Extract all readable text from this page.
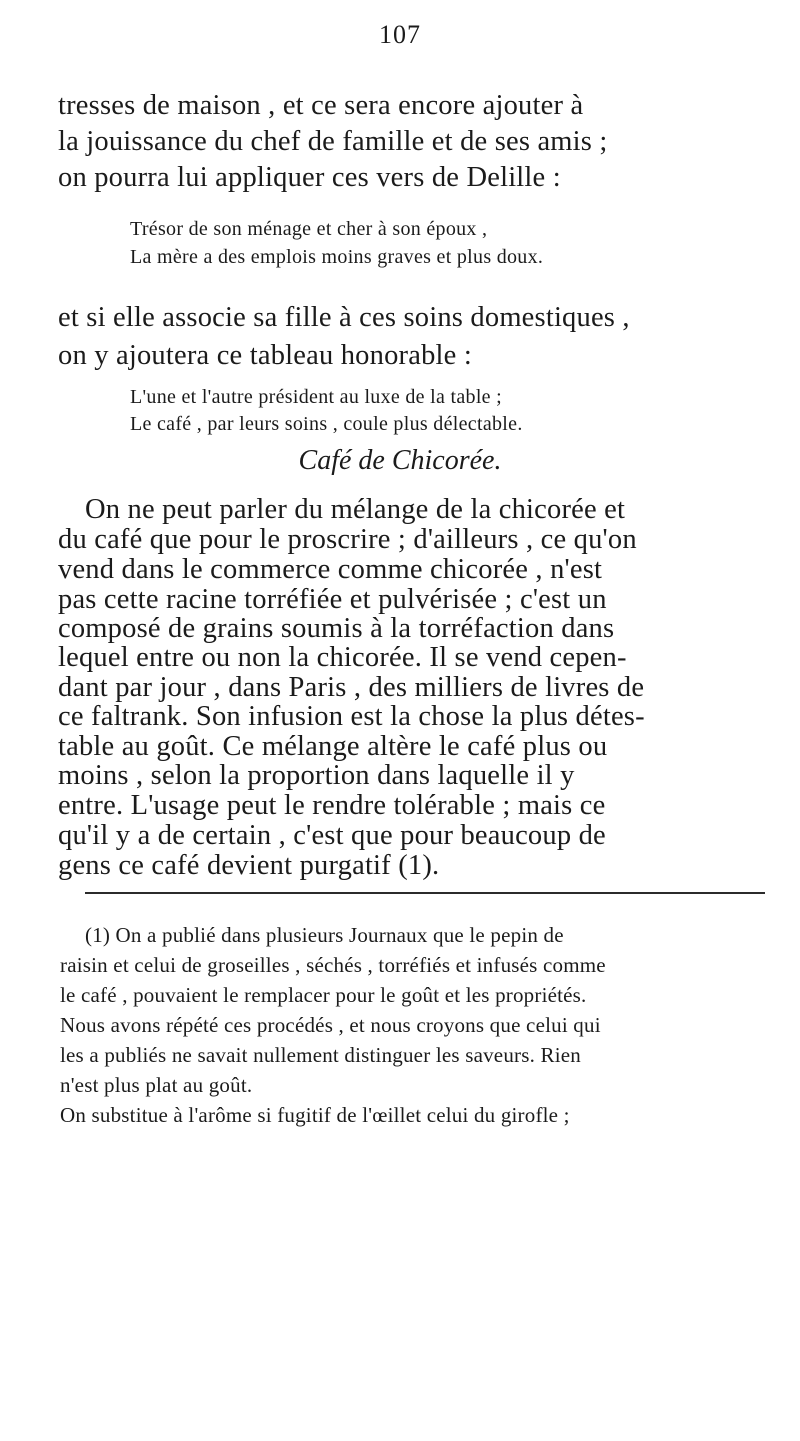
107
tresses de maison , et ce sera encore ajouter à
la jouissance du chef de famille et de ses amis ;
on pourra lui appliquer ces vers de Delille :
Trésor de son ménage et cher à son époux ,
La mère a des emplois moins graves et plus doux.
et si elle associe sa fille à ces soins domestiques ,
on y ajoutera ce tableau honorable :
L'une et l'autre président au luxe de la table ;
Le café , par leurs soins , coule plus délectable.
Café de Chicorée.
On ne peut parler du mélange de la chicorée et
du café que pour le proscrire ; d'ailleurs , ce qu'on
vend dans le commerce comme chicorée , n'est
pas cette racine torréfiée et pulvérisée ; c'est un
composé de grains soumis à la torréfaction dans
lequel entre ou non la chicorée. Il se vend cepen-
dant par jour , dans Paris , des milliers de livres de
ce faltrank. Son infusion est la chose la plus détes-
table au goût. Ce mélange altère le café plus ou
moins , selon la proportion dans laquelle il y
entre. L'usage peut le rendre tolérable ; mais ce
qu'il y a de certain , c'est que pour beaucoup de
gens ce café devient purgatif (1).
(1) On a publié dans plusieurs Journaux que le pepin de
raisin et celui de groseilles , séchés , torréfiés et infusés comme
le café , pouvaient le remplacer pour le goût et les propriétés.
Nous avons répété ces procédés , et nous croyons que celui qui
les a publiés ne savait nullement distinguer les saveurs. Rien
n'est plus plat au goût.
On substitue à l'arôme si fugitif de l'œillet celui du girofle ;
